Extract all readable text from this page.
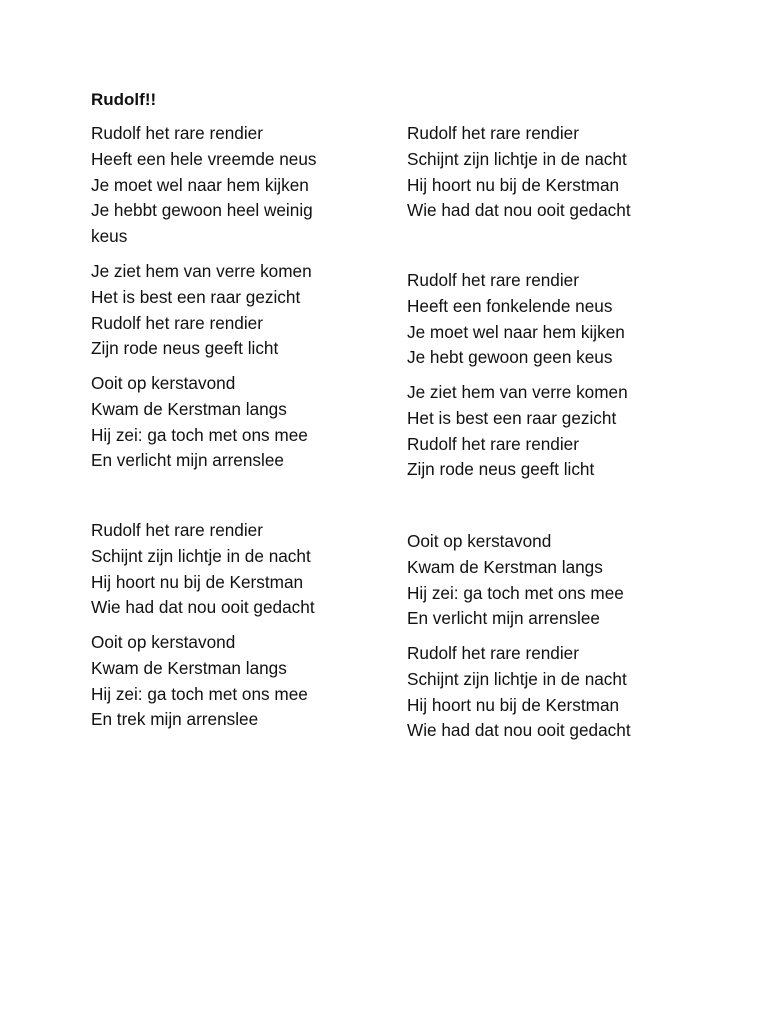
Rudolf!!
Rudolf het rare rendier
Heeft een hele vreemde neus
Je moet wel naar hem kijken
Je hebbt gewoon heel weinig keus
Je ziet hem van verre komen
Het is best een raar gezicht
Rudolf het rare rendier
Zijn rode neus geeft licht
Ooit op kerstavond
Kwam de Kerstman langs
Hij zei: ga toch met ons mee
En verlicht mijn arrenslee
Rudolf het rare rendier
Schijnt zijn lichtje in de nacht
Hij hoort nu bij de Kerstman
Wie had dat nou ooit gedacht
Ooit op kerstavond
Kwam de Kerstman langs
Hij zei: ga toch met ons mee
En trek mijn arrenslee
Rudolf het rare rendier
Schijnt zijn lichtje in de nacht
Hij hoort nu bij de Kerstman
Wie had dat nou ooit gedacht
Rudolf het rare rendier
Heeft een fonkelende neus
Je moet wel naar hem kijken
Je hebt gewoon geen keus
Je ziet hem van verre komen
Het is best een raar gezicht
Rudolf het rare rendier
Zijn rode neus geeft licht
Ooit op kerstavond
Kwam de Kerstman langs
Hij zei: ga toch met ons mee
En verlicht mijn arrenslee
Rudolf het rare rendier
Schijnt zijn lichtje in de nacht
Hij hoort nu bij de Kerstman
Wie had dat nou ooit gedacht
